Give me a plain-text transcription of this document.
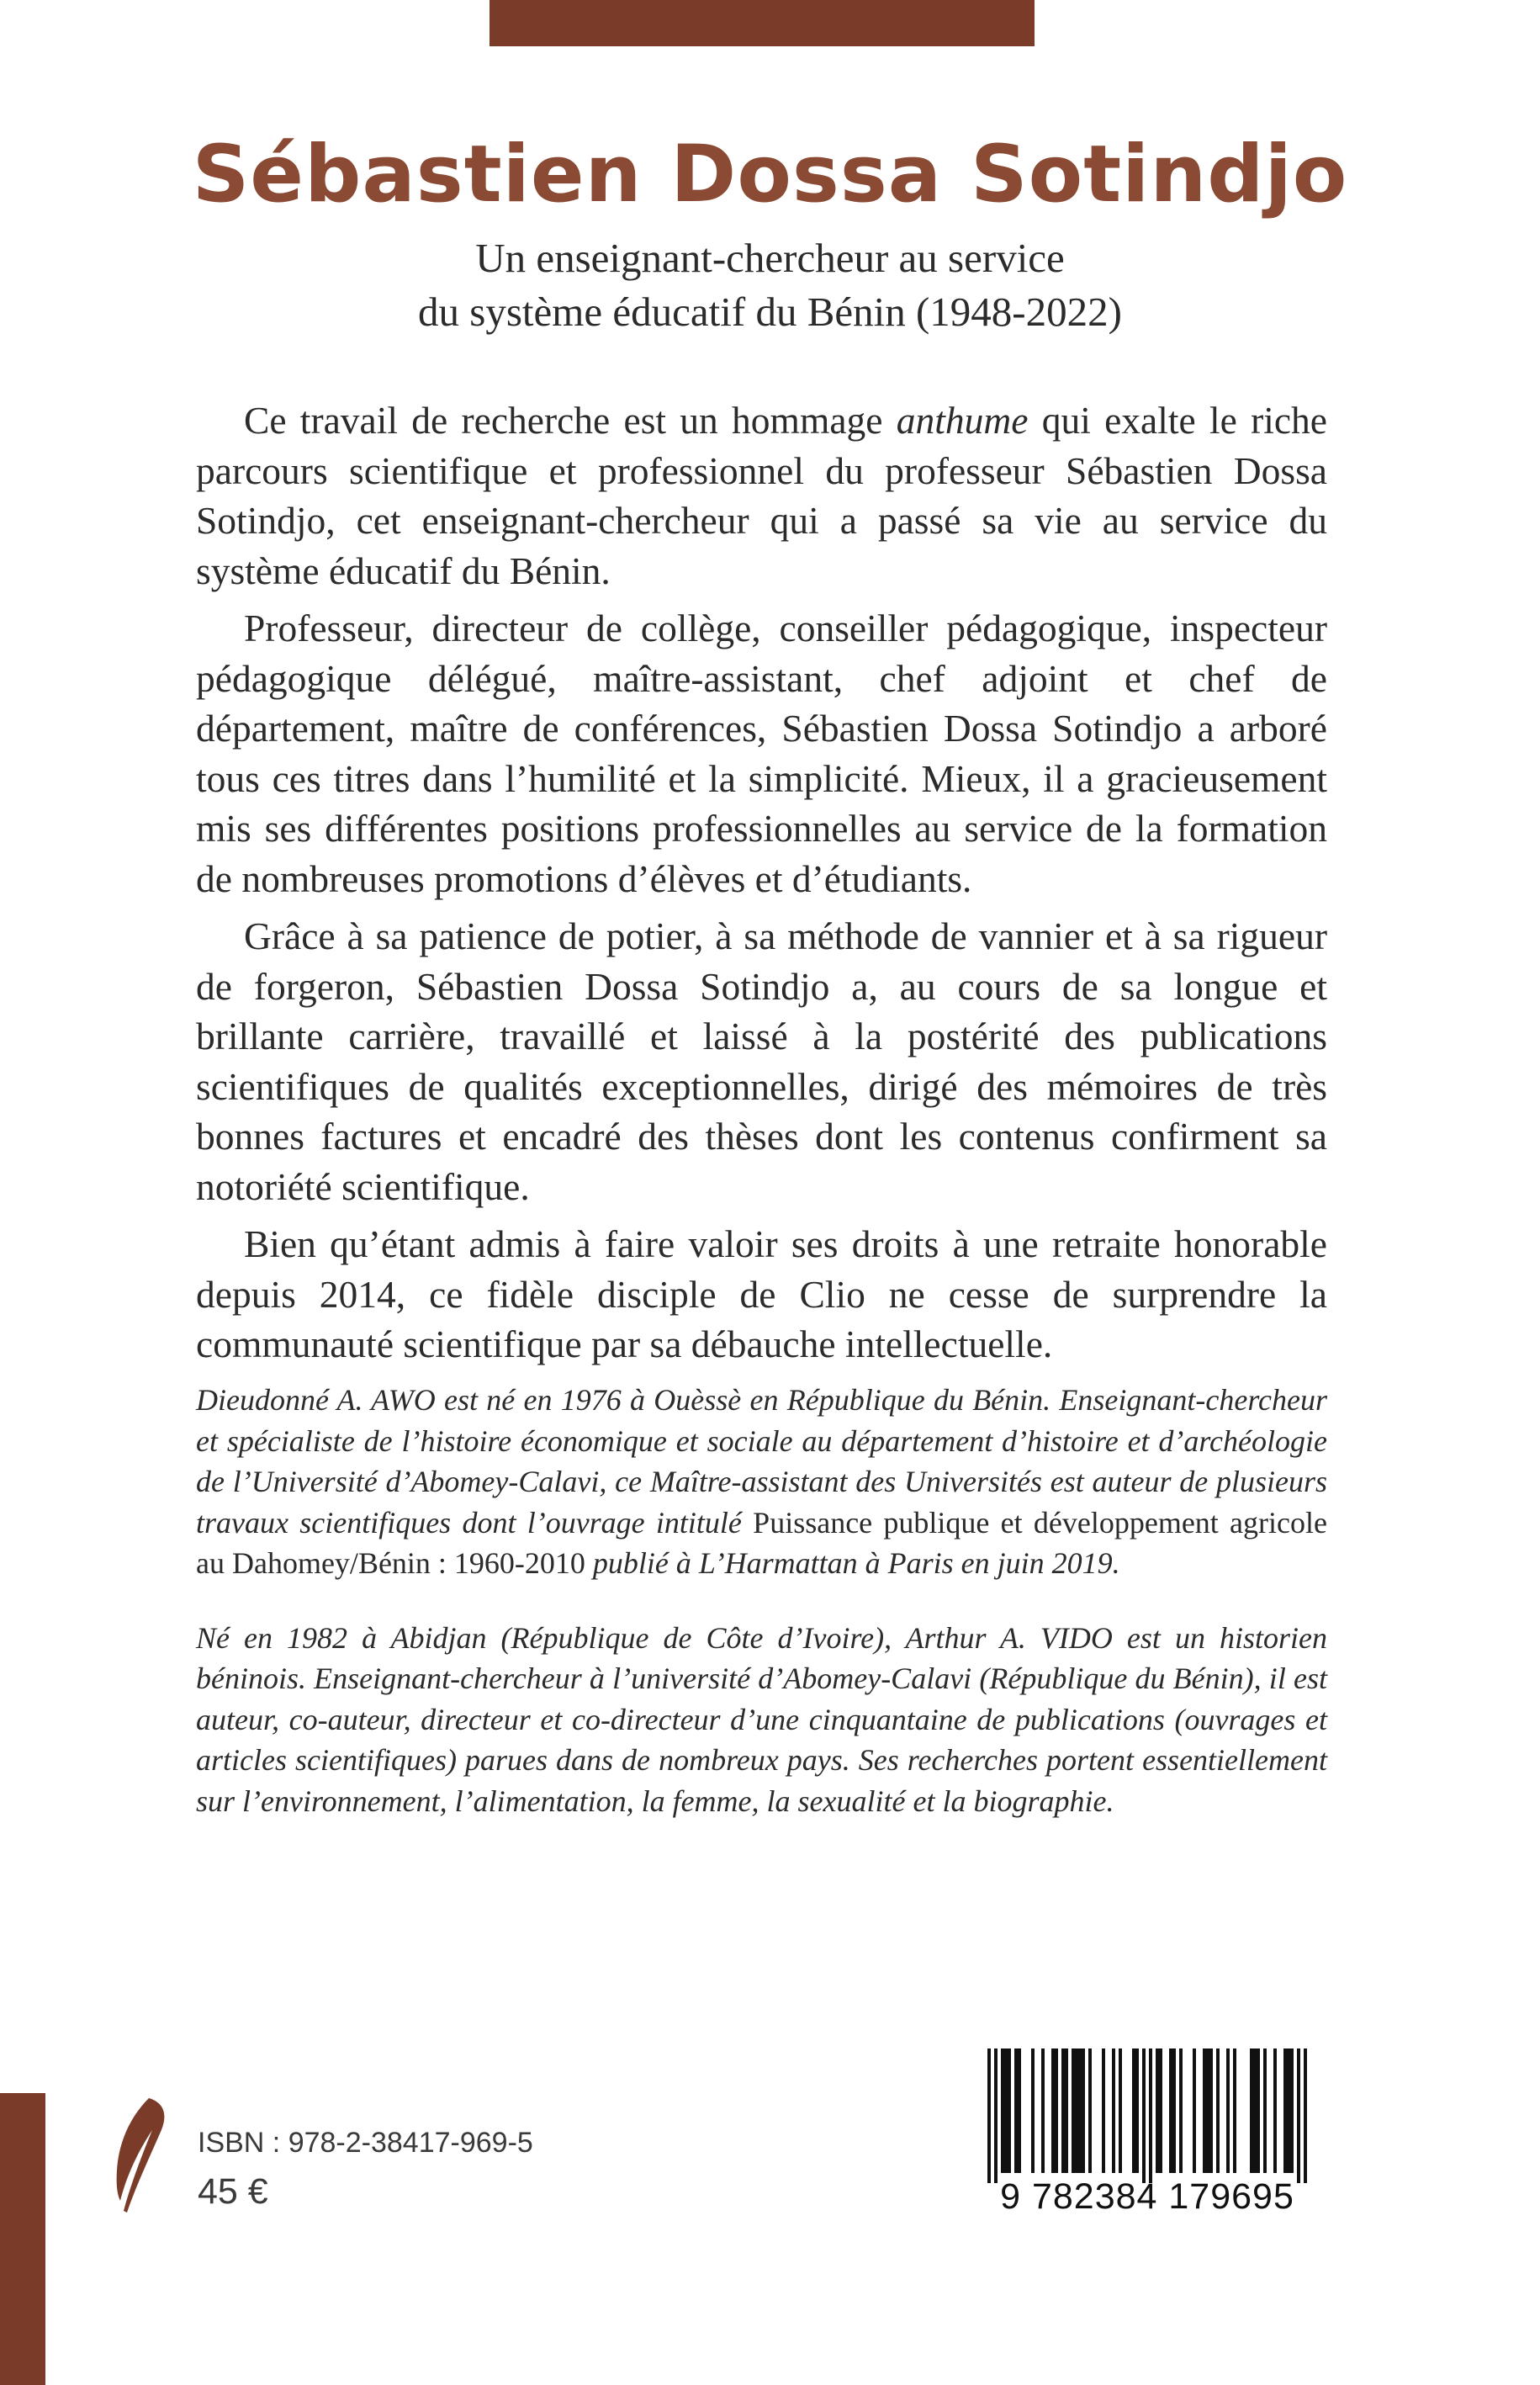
Sébastien Dossa Sotindjo
Un enseignant-chercheur au service
du système éducatif du Bénin (1948-2022)

Ce travail de recherche est un hommage anthume qui exalte le riche parcours scientifique et professionnel du professeur Sébastien Dossa Sotindjo, cet enseignant-chercheur qui a passé sa vie au service du système éducatif du Bénin.

Professeur, directeur de collège, conseiller pédagogique, inspecteur pédagogique délégué, maître-assistant, chef adjoint et chef de département, maître de conférences, Sébastien Dossa Sotindjo a arboré tous ces titres dans l’humilité et la simplicité. Mieux, il a gracieusement mis ses différentes positions professionnelles au service de la formation de nombreuses promotions d’élèves et d’étudiants.

Grâce à sa patience de potier, à sa méthode de vannier et à sa rigueur de forgeron, Sébastien Dossa Sotindjo a, au cours de sa longue et brillante carrière, travaillé et laissé à la postérité des publications scientifiques de qualités exceptionnelles, dirigé des mémoires de très bonnes factures et encadré des thèses dont les contenus confirment sa notoriété scientifique.

Bien qu’étant admis à faire valoir ses droits à une retraite honorable depuis 2014, ce fidèle disciple de Clio ne cesse de surprendre la communauté scientifique par sa débauche intellectuelle.

Dieudonné A. AWO est né en 1976 à Ouèssè en République du Bénin. Enseignant-chercheur et spécialiste de l’histoire économique et sociale au département d’histoire et d’archéologie de l’Université d’Abomey-Calavi, ce Maître-assistant des Universités est auteur de plusieurs travaux scientifiques dont l’ouvrage intitulé Puissance publique et développement agricole au Dahomey/Bénin : 1960-2010 publié à L’Harmattan à Paris en juin 2019.

Né en 1982 à Abidjan (République de Côte d’Ivoire), Arthur A. VIDO est un historien béninois. Enseignant-chercheur à l’université d’Abomey-Calavi (République du Bénin), il est auteur, co-auteur, directeur et co-directeur d’une cinquantaine de publications (ouvrages et articles scientifiques) parues dans de nombreux pays. Ses recherches portent essentiellement sur l’environnement, l’alimentation, la femme, la sexualité et la biographie.

ISBN : 978-2-38417-969-5
45 €	9 782384 179695
